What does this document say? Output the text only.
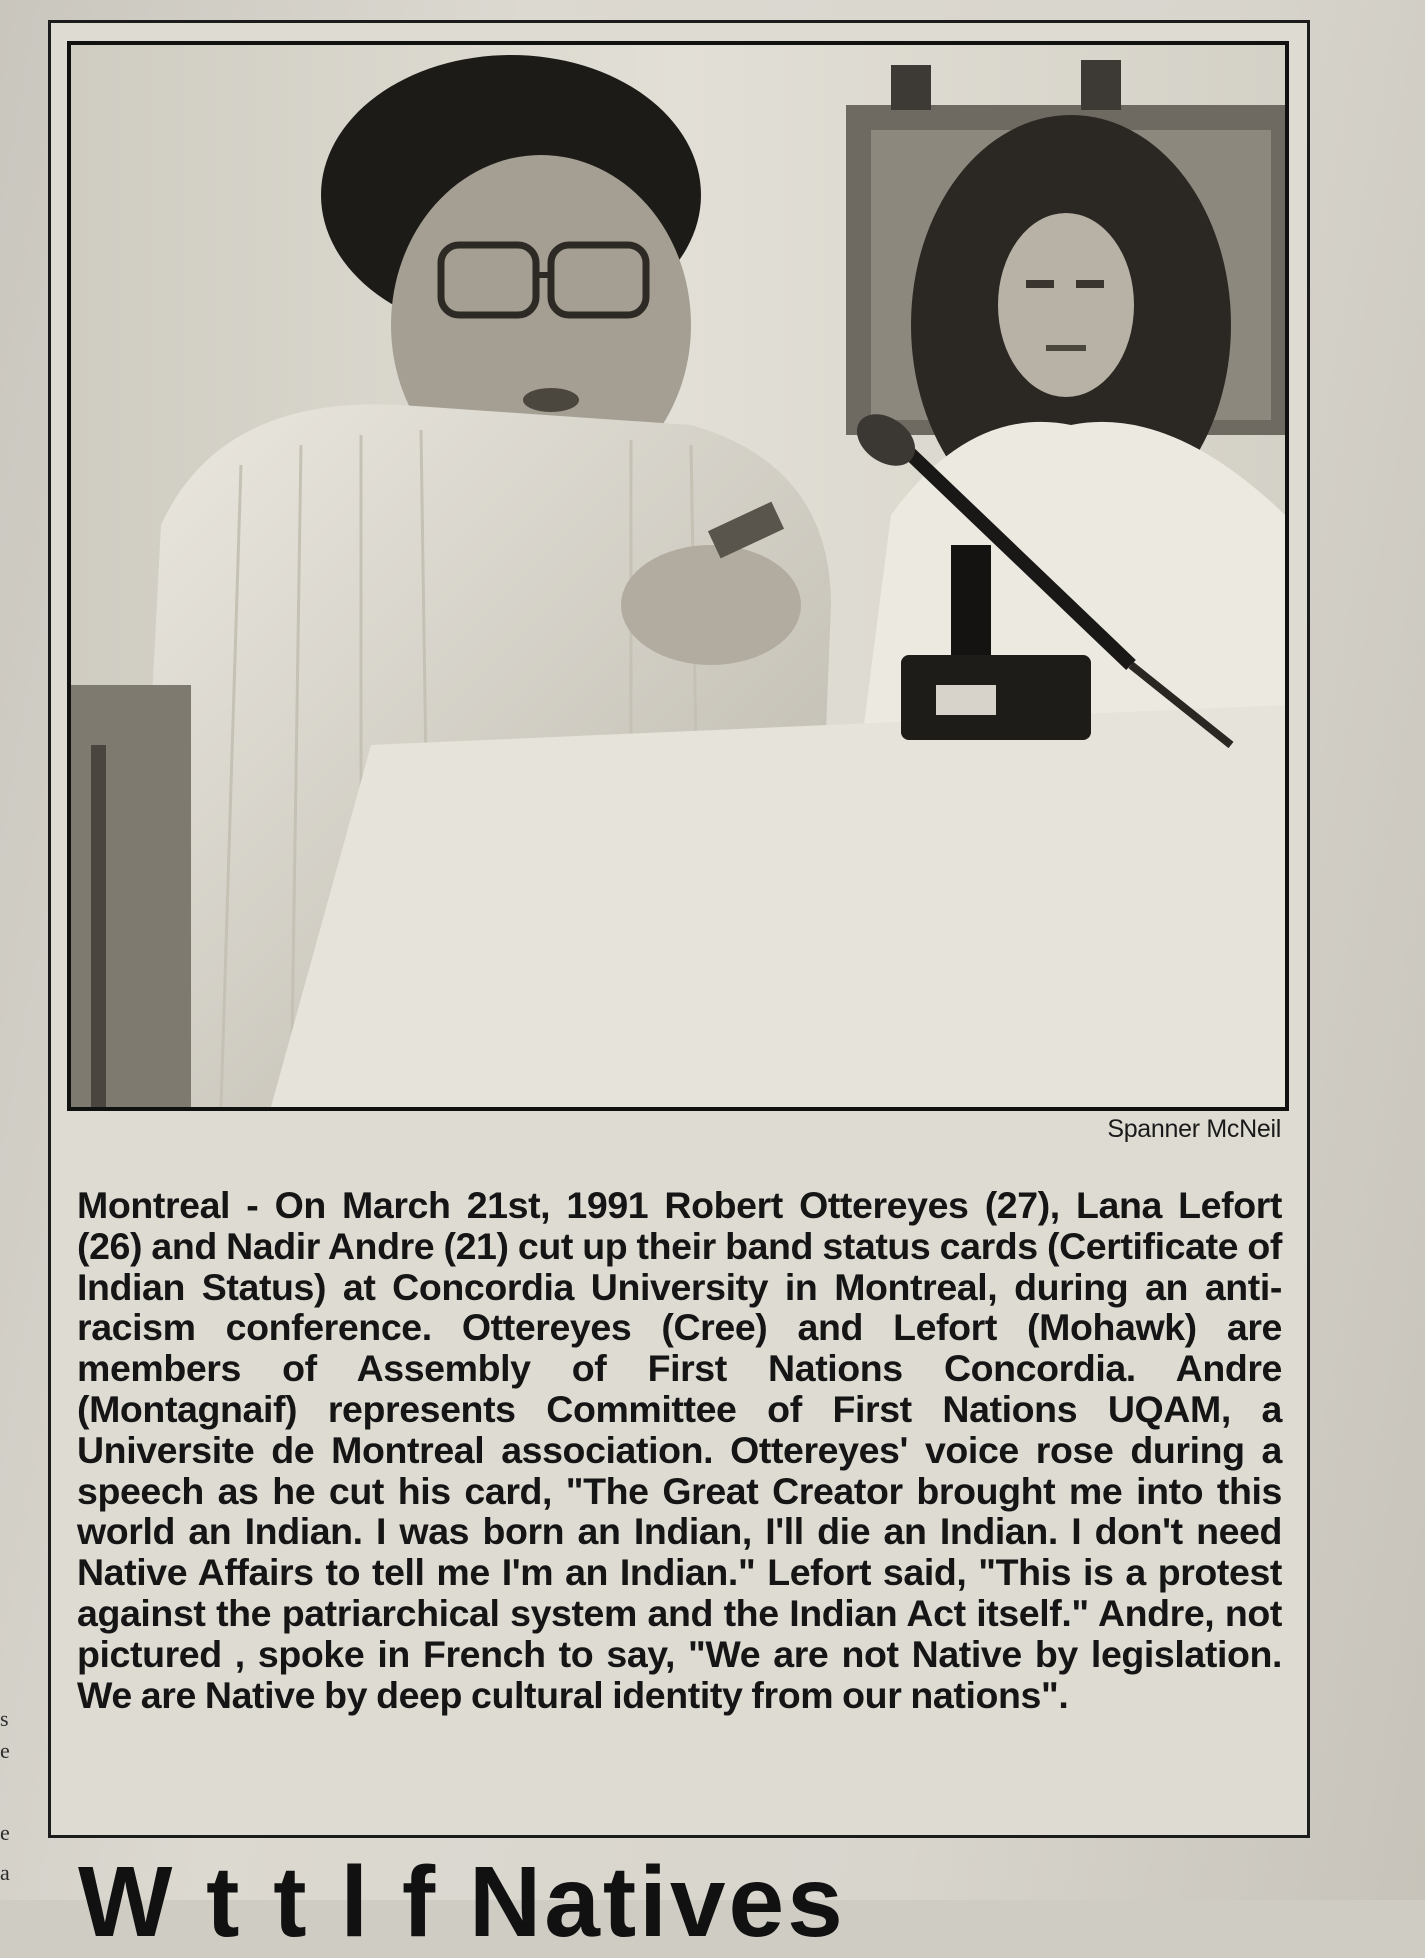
s
e
e
a
Spanner McNeil
Montreal - On March 21st, 1991 Robert Ottereyes (27), Lana Lefort (26) and Nadir Andre (21) cut up their band status cards (Certificate of Indian Status) at Concordia University in Montreal, during an anti-racism conference. Ottereyes (Cree) and Lefort (Mohawk) are members of Assembly of First Nations Concordia. Andre (Montagnaif) represents Committee of First Nations UQAM, a Universite de Montreal association. Ottereyes' voice rose during a speech as he cut his card, "The Great Creator brought me into this world an Indian. I was born an Indian, I'll die an Indian. I don't need Native Affairs to tell me I'm an Indian." Lefort said, "This is a protest against the patriarchical system and the Indian Act itself." Andre, not pictured , spoke in French to say, "We are not Native by legislation. We are Native by deep cultural identity from our nations".
W t t l f Natives
